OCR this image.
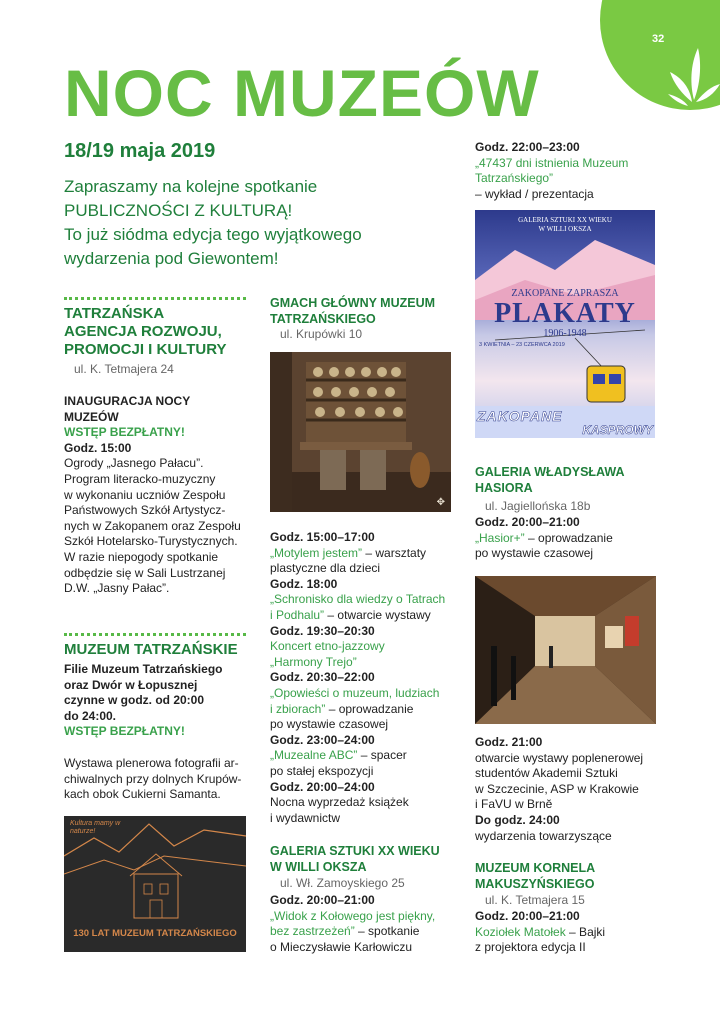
32
NOC MUZEÓW
18/19 maja 2019
Zapraszamy na kolejne spotkanie
PUBLICZNOŚCI Z KULTURĄ!
To już siódma edycja tego wyjątkowego
wydarzenia pod Giewontem!
TATRZAŃSKA
AGENCJA ROZWOJU,
PROMOCJI I KULTURY
ul. K. Tetmajera 24
INAUGURACJA NOCY
MUZEÓW
WSTĘP BEZPŁATNY!
Godz. 15:00
Ogrody „Jasnego Pałacu”.
Program literacko-muzyczny
w wykonaniu uczniów Zespołu
Państwowych Szkół Artystycz-
nych w Zakopanem oraz Zespołu
Szkół Hotelarsko-Turystycznych.
W razie niepogody spotkanie
odbędzie się w Sali Lustrzanej
D.W. „Jasny Pałac”.
MUZEUM TATRZAŃSKIE
Filie Muzeum Tatrzańskiego
oraz Dwór w Łopusznej
czynne w godz. od 20:00
do 24:00.
WSTĘP BEZPŁATNY!
Wystawa plenerowa fotografii ar-
chiwalnych przy dolnych Krupów-
kach obok Cukierni Samanta.
Kultura mamy w naturze!
130 LAT MUZEUM TATRZAŃSKIEGO
GMACH GŁÓWNY MUZEUM
TATRZAŃSKIEGO
ul. Krupówki 10
✥
Godz. 15:00–17:00
„Motylem jestem” – warsztaty
plastyczne dla dzieci
Godz. 18:00
„Schronisko dla wiedzy o Tatrach
i Podhalu” – otwarcie wystawy
Godz. 19:30–20:30
Koncert etno-jazzowy
„Harmony Trejo”
Godz. 20:30–22:00
„Opowieści o muzeum, ludziach
i zbiorach” – oprowadzanie
po wystawie czasowej
Godz. 23:00–24:00
„Muzealne ABC” – spacer
po stałej ekspozycji
Godz. 20:00–24:00
Nocna wyprzedaż książek
i wydawnictw
GALERIA SZTUKI XX WIEKU
W WILLI OKSZA
ul. Wł. Zamoyskiego 25
Godz. 20:00–21:00
„Widok z Kołowego jest piękny,
bez zastrzeżeń” – spotkanie
o Mieczysławie Karłowiczu
Godz. 22:00–23:00
„47437 dni istnienia Muzeum
Tatrzańskiego”
– wykład / prezentacja
GALERIA SZTUKI XX WIEKU
W WILLI OKSZA
ZAKOPANE ZAPRASZA
PLAKATY
1906-1948
3 KWIETNIA – 23 CZERWCA 2019
ZAKOPANE
KASPROWY
GALERIA WŁADYSŁAWA
HASIORA
ul. Jagiellońska 18b
Godz. 20:00–21:00
„Hasior+” – oprowadzanie
po wystawie czasowej
Godz. 21:00
otwarcie wystawy poplenerowej
studentów Akademii Sztuki
w Szczecinie, ASP w Krakowie
i FaVU w Brnĕ
Do godz. 24:00
wydarzenia towarzyszące
MUZEUM KORNELA
MAKUSZYŃSKIEGO
ul. K. Tetmajera 15
Godz. 20:00–21:00
Koziołek Matołek – Bajki
z projektora edycja II
